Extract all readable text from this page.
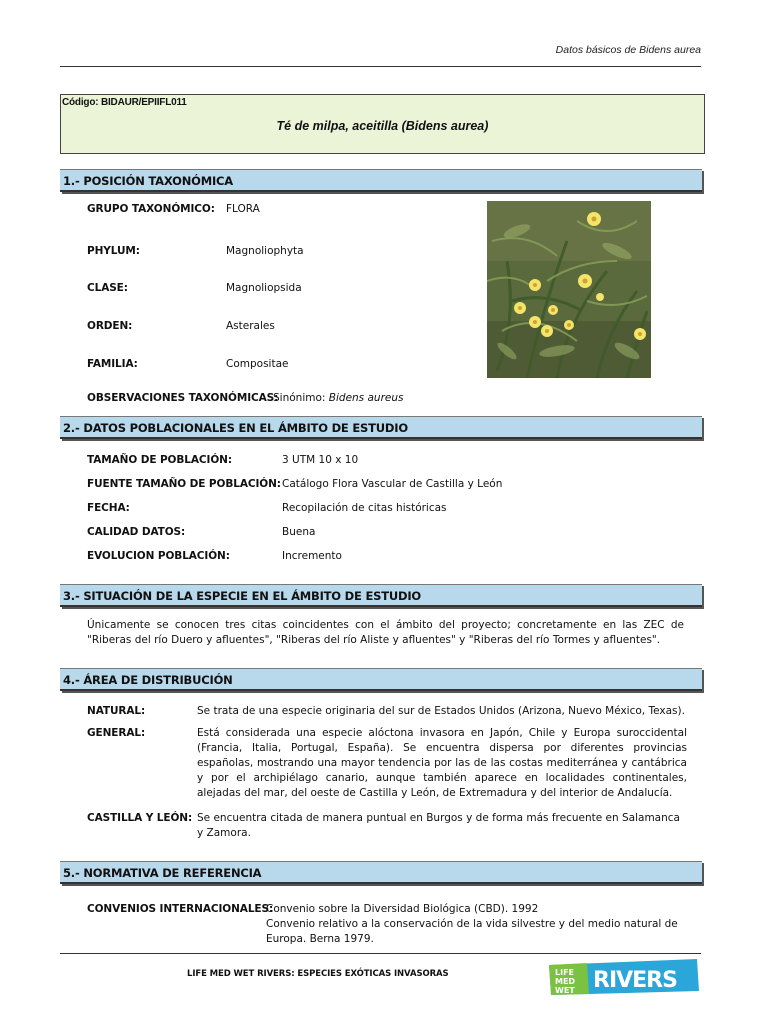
Datos básicos de Bidens aurea
Código: BIDAUR/EPIIFL011
Té de milpa, aceitilla (Bidens aurea)
1.- POSICIÓN TAXONÓMICA
GRUPO TAXONÓMICO: FLORA
PHYLUM:	Magnoliophyta
CLASE:	Magnoliopsida
ORDEN:	Asterales
FAMILIA:	Compositae
OBSERVACIONES TAXONÓMICAS:
Sinónimo: Bidens aureus
2.- DATOS POBLACIONALES EN EL ÁMBITO DE ESTUDIO
TAMAÑO DE POBLACIÓN:	3 UTM 10 x 10
FUENTE TAMAÑO DE POBLACIÓN: Catálogo Flora Vascular de Castilla y León
FECHA:	Recopilación de citas históricas
CALIDAD DATOS:	Buena
EVOLUCION POBLACIÓN:	Incremento
3.- SITUACIÓN DE LA ESPECIE EN EL ÁMBITO DE ESTUDIO
Únicamente se conocen tres citas coincidentes con el ámbito del proyecto; concretamente en las ZEC de "Riberas del río Duero y afluentes", "Riberas del río Aliste y afluentes" y "Riberas del río Tormes y afluentes".
4.- ÁREA DE DISTRIBUCIÓN
NATURAL:	Se trata de una especie originaria del sur de Estados Unidos (Arizona, Nuevo México, Texas).
GENERAL:	Está considerada una especie alóctona invasora en Japón, Chile y Europa suroccidental (Francia, Italia, Portugal, España). Se encuentra dispersa por diferentes provincias españolas, mostrando una mayor tendencia por las de las costas mediterránea y cantábrica y por el archipiélago canario, aunque también aparece en localidades continentales, alejadas del mar, del oeste de Castilla y León, de Extremadura y del interior de Andalucía.
CASTILLA Y LEÓN: Se encuentra citada de manera puntual en Burgos y de forma más frecuente en Salamanca y Zamora.
5.- NORMATIVA DE REFERENCIA
CONVENIOS INTERNACIONALES:
Convenio sobre la Diversidad Biológica (CBD). 1992
Convenio relativo a la conservación de la vida silvestre y del medio natural de Europa. Berna 1979.
LIFE MED WET RIVERS: ESPECIES EXÓTICAS INVASORAS	LIFE
MED
WET RIVERS
